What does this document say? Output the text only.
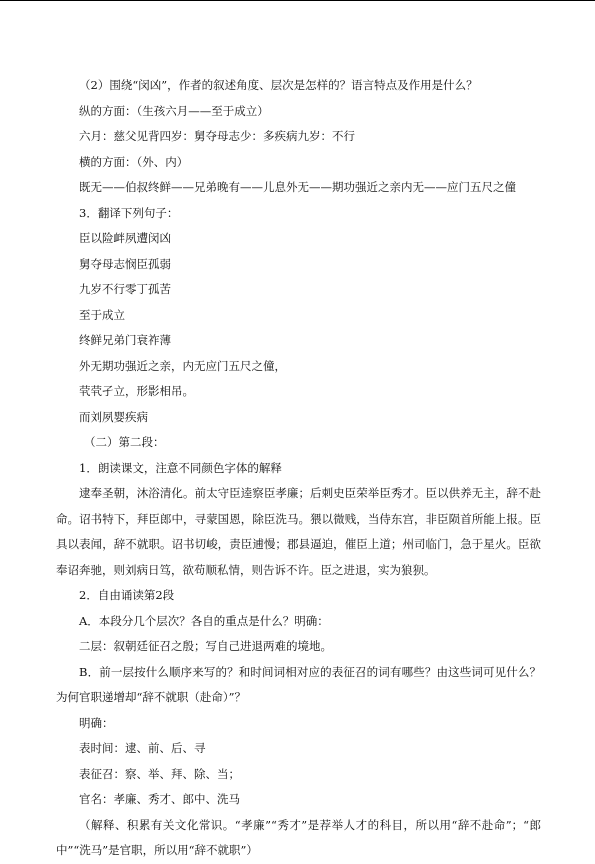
（2）围绕“闵凶”，作者的叙述角度、层次是怎样的？语言特点及作用是什么？
纵的方面：（生孩六月——至于成立）
六月：慈父见背四岁：舅夺母志少：多疾病九岁：不行
横的方面：（外、内）
既无——伯叔终鲜——兄弟晚有——儿息外无——期功强近之亲内无——应门五尺之僮
3．翻译下列句子：
臣以险衅夙遭闵凶
舅夺母志悯臣孤弱
九岁不行零丁孤苦
至于成立
终鲜兄弟门衰祚薄
外无期功强近之亲，内无应门五尺之僮，
茕茕孑立，形影相吊。
而刘夙婴疾病
（二）第二段：
1．朗读课文，注意不同颜色字体的解释
逮奉圣朝，沐浴清化。前太守臣逵察臣孝廉；后刺史臣荣举臣秀才。臣以供养无主，辞不赴命。诏书特下，拜臣郎中，寻蒙国恩，除臣洗马。猥以微贱，当侍东宫，非臣陨首所能上报。臣具以表闻，辞不就职。诏书切峻，责臣逋慢；郡县逼迫，催臣上道；州司临门，急于星火。臣欲奉诏奔驰，则刘病日笃，欲苟顺私情，则告诉不许。臣之进退，实为狼狈。
2．自由诵读第2段
A．本段分几个层次？各自的重点是什么？明确：
二层：叙朝廷征召之殷；写自己进退两难的境地。
B．前一层按什么顺序来写的？和时间词相对应的表征召的词有哪些？由这些词可见什么？为何官职递增却“辞不就职（赴命）”？
明确：
表时间：逮、前、后、寻
表征召：察、举、拜、除、当；
官名：孝廉、秀才、郎中、洗马
（解释、积累有关文化常识。“孝廉”“秀才”是荐举人才的科目，所以用“辞不赴命”；“郎中”“洗马”是官职，所以用“辞不就职”）
